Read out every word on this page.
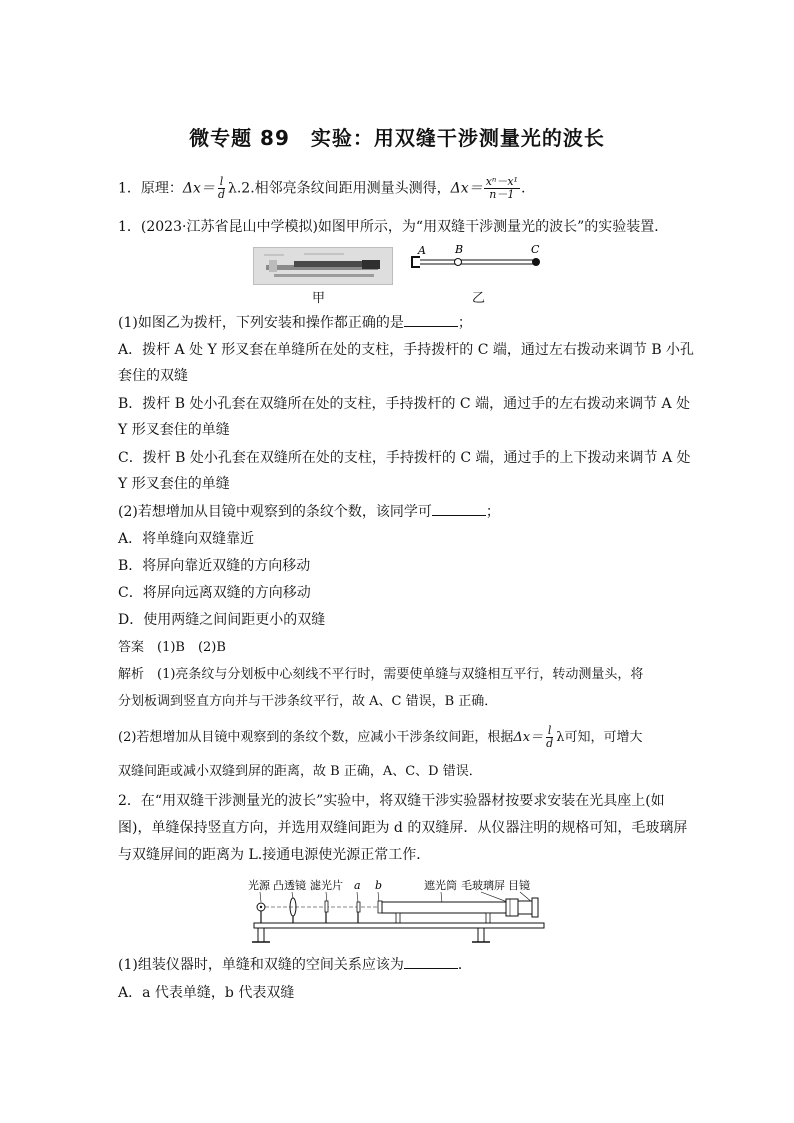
微专题 89　实验：用双缝干涉测量光的波长
1．原理：$\Delta x= \frac{l}{d} \lambda.2$.相邻亮条纹间距用测量头测得，$\Delta x= \frac{\text{xⁿ－x¹}}{n-1}$ .
1．(2023·江苏省昆山中学模拟)如图甲所示，为“用双缝干涉测量光的波长”的实验装置．
甲
A	B	C
乙
(1)如图乙为拨杆，下列安装和操作都正确的是	；
A．拨杆 A 处 Y 形叉套在单缝所在处的支柱，手持拨杆的 C 端，通过左右拨动来调节 B 小孔
套住的双缝
B．拨杆 B 处小孔套在双缝所在处的支柱，手持拨杆的 C 端，通过手的左右拨动来调节 A 处
Y 形叉套住的单缝
C．拨杆 B 处小孔套在双缝所在处的支柱，手持拨杆的 C 端，通过手的上下拨动来调节 A 处
Y 形叉套住的单缝
(2)若想增加从目镜中观察到的条纹个数，该同学可	；
A．将单缝向双缝靠近
B．将屏向靠近双缝的方向移动
C．将屏向远离双缝的方向移动
D．使用两缝之间间距更小的双缝
答案　(1)B　(2)B
解析　(1)亮条纹与分划板中心刻线不平行时，需要使单缝与双缝相互平行，转动测量头，将
分划板调到竖直方向并与干涉条纹平行，故 A、C 错误，B 正确．
(2)若想增加从目镜中观察到的条纹个数，应减小干涉条纹间距，根据$\Delta x= \frac{l}{d}$ λ可知，可增大
双缝间距或减小双缝到屏的距离，故 B 正确，A、C、D 错误．
2．在“用双缝干涉测量光的波长”实验中，将双缝干涉实验器材按要求安装在光具座上(如
图)，单缝保持竖直方向，并选用双缝间距为 d 的双缝屏．从仪器注明的规格可知，毛玻璃屏
与双缝屏间的距离为 L.接通电源使光源正常工作．
光源 凸透镜 滤光片 a b	遮光筒 毛玻璃屏 目镜
(1)组装仪器时，单缝和双缝的空间关系应该为	．
A．a 代表单缝，b 代表双缝
